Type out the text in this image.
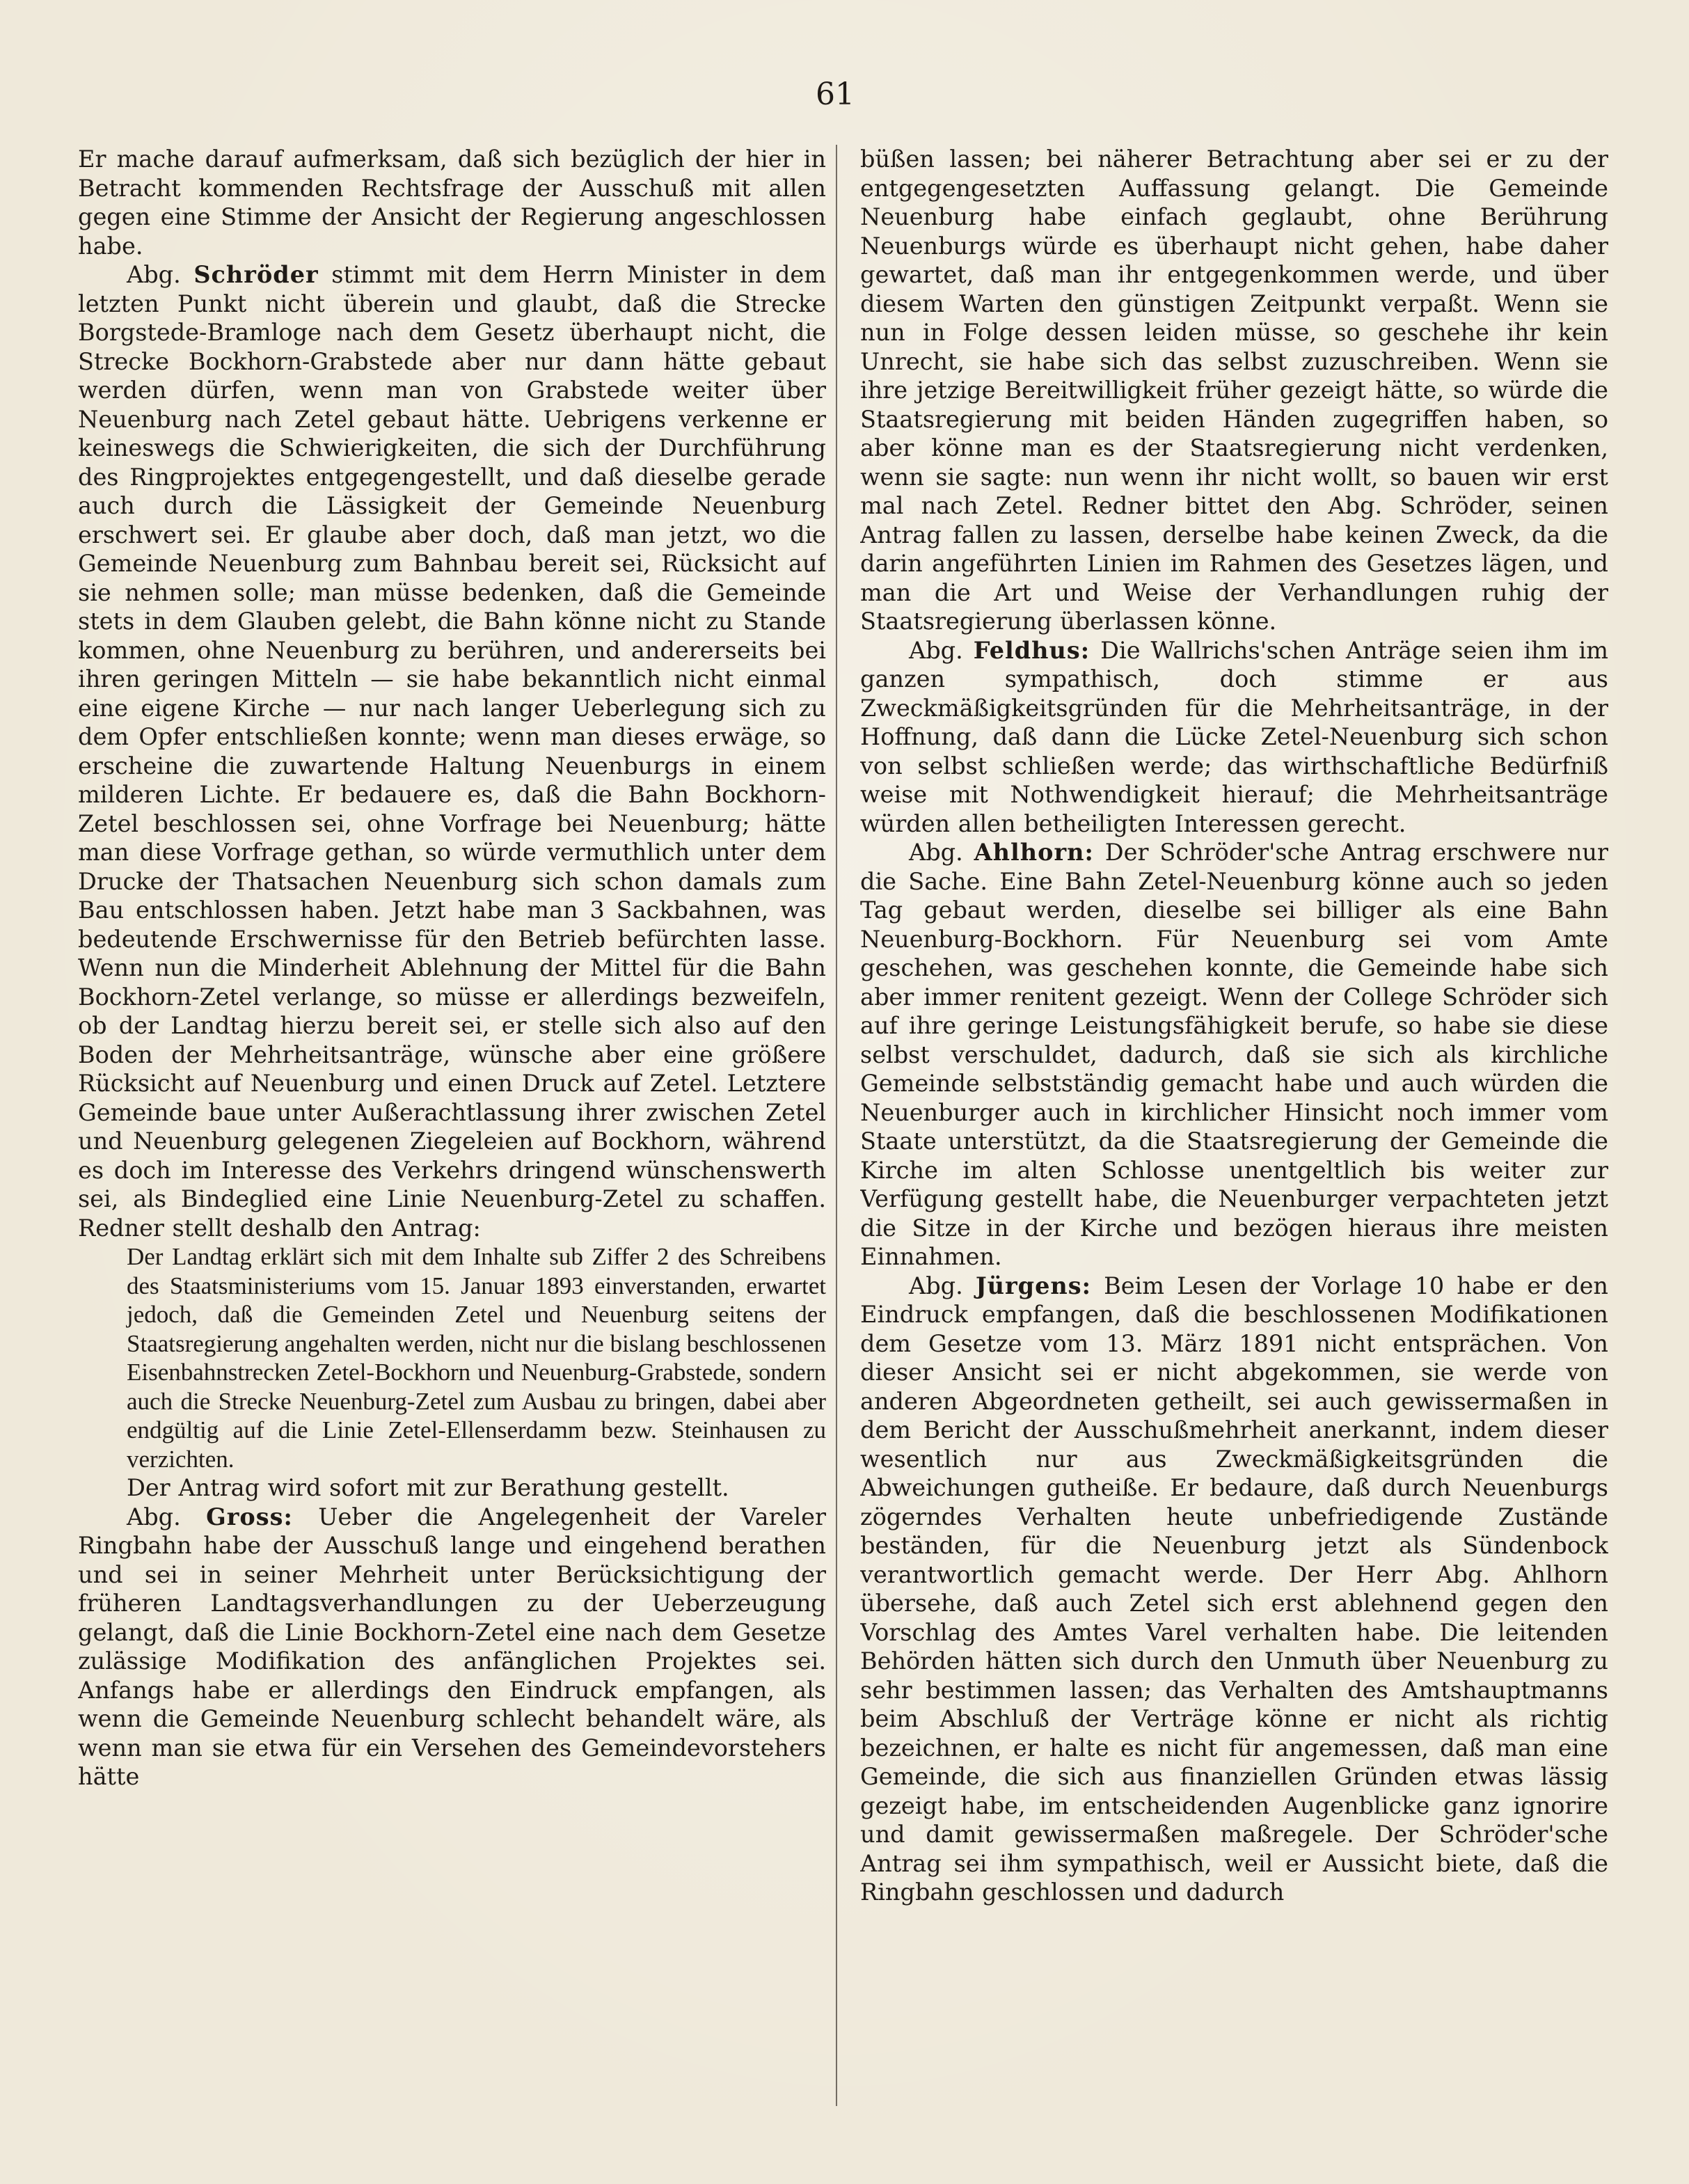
61

Er mache darauf aufmerksam, daß sich bezüglich der hier in Betracht kommenden Rechtsfrage der Ausschuß mit allen gegen eine Stimme der Ansicht der Regierung angeschlossen habe.

Abg. Schröder stimmt mit dem Herrn Minister in dem letzten Punkt nicht überein und glaubt, daß die Strecke Borgstede-Bramloge nach dem Gesetz überhaupt nicht, die Strecke Bockhorn-Grabstede aber nur dann hätte gebaut werden dürfen, wenn man von Grabstede weiter über Neuenburg nach Zetel gebaut hätte. Uebrigens verkenne er keineswegs die Schwierigkeiten, die sich der Durchführung des Ringprojektes entgegengestellt, und daß dieselbe gerade auch durch die Lässigkeit der Gemeinde Neuenburg erschwert sei. Er glaube aber doch, daß man jetzt, wo die Gemeinde Neuenburg zum Bahnbau bereit sei, Rücksicht auf sie nehmen solle; man müsse bedenken, daß die Gemeinde stets in dem Glauben gelebt, die Bahn könne nicht zu Stande kommen, ohne Neuenburg zu berühren, und andererseits bei ihren geringen Mitteln — sie habe bekanntlich nicht einmal eine eigene Kirche — nur nach langer Ueberlegung sich zu dem Opfer entschließen konnte; wenn man dieses erwäge, so erscheine die zuwartende Haltung Neuenburgs in einem milderen Lichte. Er bedauere es, daß die Bahn Bockhorn-Zetel beschlossen sei, ohne Vorfrage bei Neuenburg; hätte man diese Vorfrage gethan, so würde vermuthlich unter dem Drucke der Thatsachen Neuenburg sich schon damals zum Bau entschlossen haben. Jetzt habe man 3 Sackbahnen, was bedeutende Erschwernisse für den Betrieb befürchten lasse. Wenn nun die Minderheit Ablehnung der Mittel für die Bahn Bockhorn-Zetel verlange, so müsse er allerdings bezweifeln, ob der Landtag hierzu bereit sei, er stelle sich also auf den Boden der Mehrheitsanträge, wünsche aber eine größere Rücksicht auf Neuenburg und einen Druck auf Zetel. Letztere Gemeinde baue unter Außerachtlassung ihrer zwischen Zetel und Neuenburg gelegenen Ziegeleien auf Bockhorn, während es doch im Interesse des Verkehrs dringend wünschenswerth sei, als Bindeglied eine Linie Neuenburg-Zetel zu schaffen. Redner stellt deshalb den Antrag:

Der Landtag erklärt sich mit dem Inhalte sub Ziffer 2 des Schreibens des Staatsministeriums vom 15. Januar 1893 einverstanden, erwartet jedoch, daß die Gemeinden Zetel und Neuenburg seitens der Staatsregierung angehalten werden, nicht nur die bislang beschlossenen Eisenbahnstrecken Zetel-Bockhorn und Neuenburg-Grabstede, sondern auch die Strecke Neuenburg-Zetel zum Ausbau zu bringen, dabei aber endgültig auf die Linie Zetel-Ellenserdamm bezw. Steinhausen zu verzichten.

Der Antrag wird sofort mit zur Berathung gestellt.

Abg. Gross: Ueber die Angelegenheit der Vareler Ringbahn habe der Ausschuß lange und eingehend berathen und sei in seiner Mehrheit unter Berücksichtigung der früheren Landtagsverhandlungen zu der Ueberzeugung gelangt, daß die Linie Bockhorn-Zetel eine nach dem Gesetze zulässige Modifikation des anfänglichen Projektes sei. Anfangs habe er allerdings den Eindruck empfangen, als wenn die Gemeinde Neuenburg schlecht behandelt wäre, als wenn man sie etwa für ein Versehen des Gemeindevorstehers hätte

büßen lassen; bei näherer Betrachtung aber sei er zu der entgegengesetzten Auffassung gelangt. Die Gemeinde Neuenburg habe einfach geglaubt, ohne Berührung Neuenburgs würde es überhaupt nicht gehen, habe daher gewartet, daß man ihr entgegenkommen werde, und über diesem Warten den günstigen Zeitpunkt verpaßt. Wenn sie nun in Folge dessen leiden müsse, so geschehe ihr kein Unrecht, sie habe sich das selbst zuzuschreiben. Wenn sie ihre jetzige Bereitwilligkeit früher gezeigt hätte, so würde die Staatsregierung mit beiden Händen zugegriffen haben, so aber könne man es der Staatsregierung nicht verdenken, wenn sie sagte: nun wenn ihr nicht wollt, so bauen wir erst mal nach Zetel. Redner bittet den Abg. Schröder, seinen Antrag fallen zu lassen, derselbe habe keinen Zweck, da die darin angeführten Linien im Rahmen des Gesetzes lägen, und man die Art und Weise der Verhandlungen ruhig der Staatsregierung überlassen könne.

Abg. Feldhus: Die Wallrichs'schen Anträge seien ihm im ganzen sympathisch, doch stimme er aus Zweckmäßigkeitsgründen für die Mehrheitsanträge, in der Hoffnung, daß dann die Lücke Zetel-Neuenburg sich schon von selbst schließen werde; das wirthschaftliche Bedürfniß weise mit Nothwendigkeit hierauf; die Mehrheitsanträge würden allen betheiligten Interessen gerecht.

Abg. Ahlhorn: Der Schröder'sche Antrag erschwere nur die Sache. Eine Bahn Zetel-Neuenburg könne auch so jeden Tag gebaut werden, dieselbe sei billiger als eine Bahn Neuenburg-Bockhorn. Für Neuenburg sei vom Amte geschehen, was geschehen konnte, die Gemeinde habe sich aber immer renitent gezeigt. Wenn der College Schröder sich auf ihre geringe Leistungsfähigkeit berufe, so habe sie diese selbst verschuldet, dadurch, daß sie sich als kirchliche Gemeinde selbstständig gemacht habe und auch würden die Neuenburger auch in kirchlicher Hinsicht noch immer vom Staate unterstützt, da die Staatsregierung der Gemeinde die Kirche im alten Schlosse unentgeltlich bis weiter zur Verfügung gestellt habe, die Neuenburger verpachteten jetzt die Sitze in der Kirche und bezögen hieraus ihre meisten Einnahmen.

Abg. Jürgens: Beim Lesen der Vorlage 10 habe er den Eindruck empfangen, daß die beschlossenen Modifikationen dem Gesetze vom 13. März 1891 nicht entsprächen. Von dieser Ansicht sei er nicht abgekommen, sie werde von anderen Abgeordneten getheilt, sei auch gewissermaßen in dem Bericht der Ausschußmehrheit anerkannt, indem dieser wesentlich nur aus Zweckmäßigkeitsgründen die Abweichungen gutheiße. Er bedaure, daß durch Neuenburgs zögerndes Verhalten heute unbefriedigende Zustände beständen, für die Neuenburg jetzt als Sündenbock verantwortlich gemacht werde. Der Herr Abg. Ahlhorn übersehe, daß auch Zetel sich erst ablehnend gegen den Vorschlag des Amtes Varel verhalten habe. Die leitenden Behörden hätten sich durch den Unmuth über Neuenburg zu sehr bestimmen lassen; das Verhalten des Amtshauptmanns beim Abschluß der Verträge könne er nicht als richtig bezeichnen, er halte es nicht für angemessen, daß man eine Gemeinde, die sich aus finanziellen Gründen etwas lässig gezeigt habe, im entscheidenden Augenblicke ganz ignorire und damit gewissermaßen maßregele. Der Schröder'sche Antrag sei ihm sympathisch, weil er Aussicht biete, daß die Ringbahn geschlossen und dadurch
